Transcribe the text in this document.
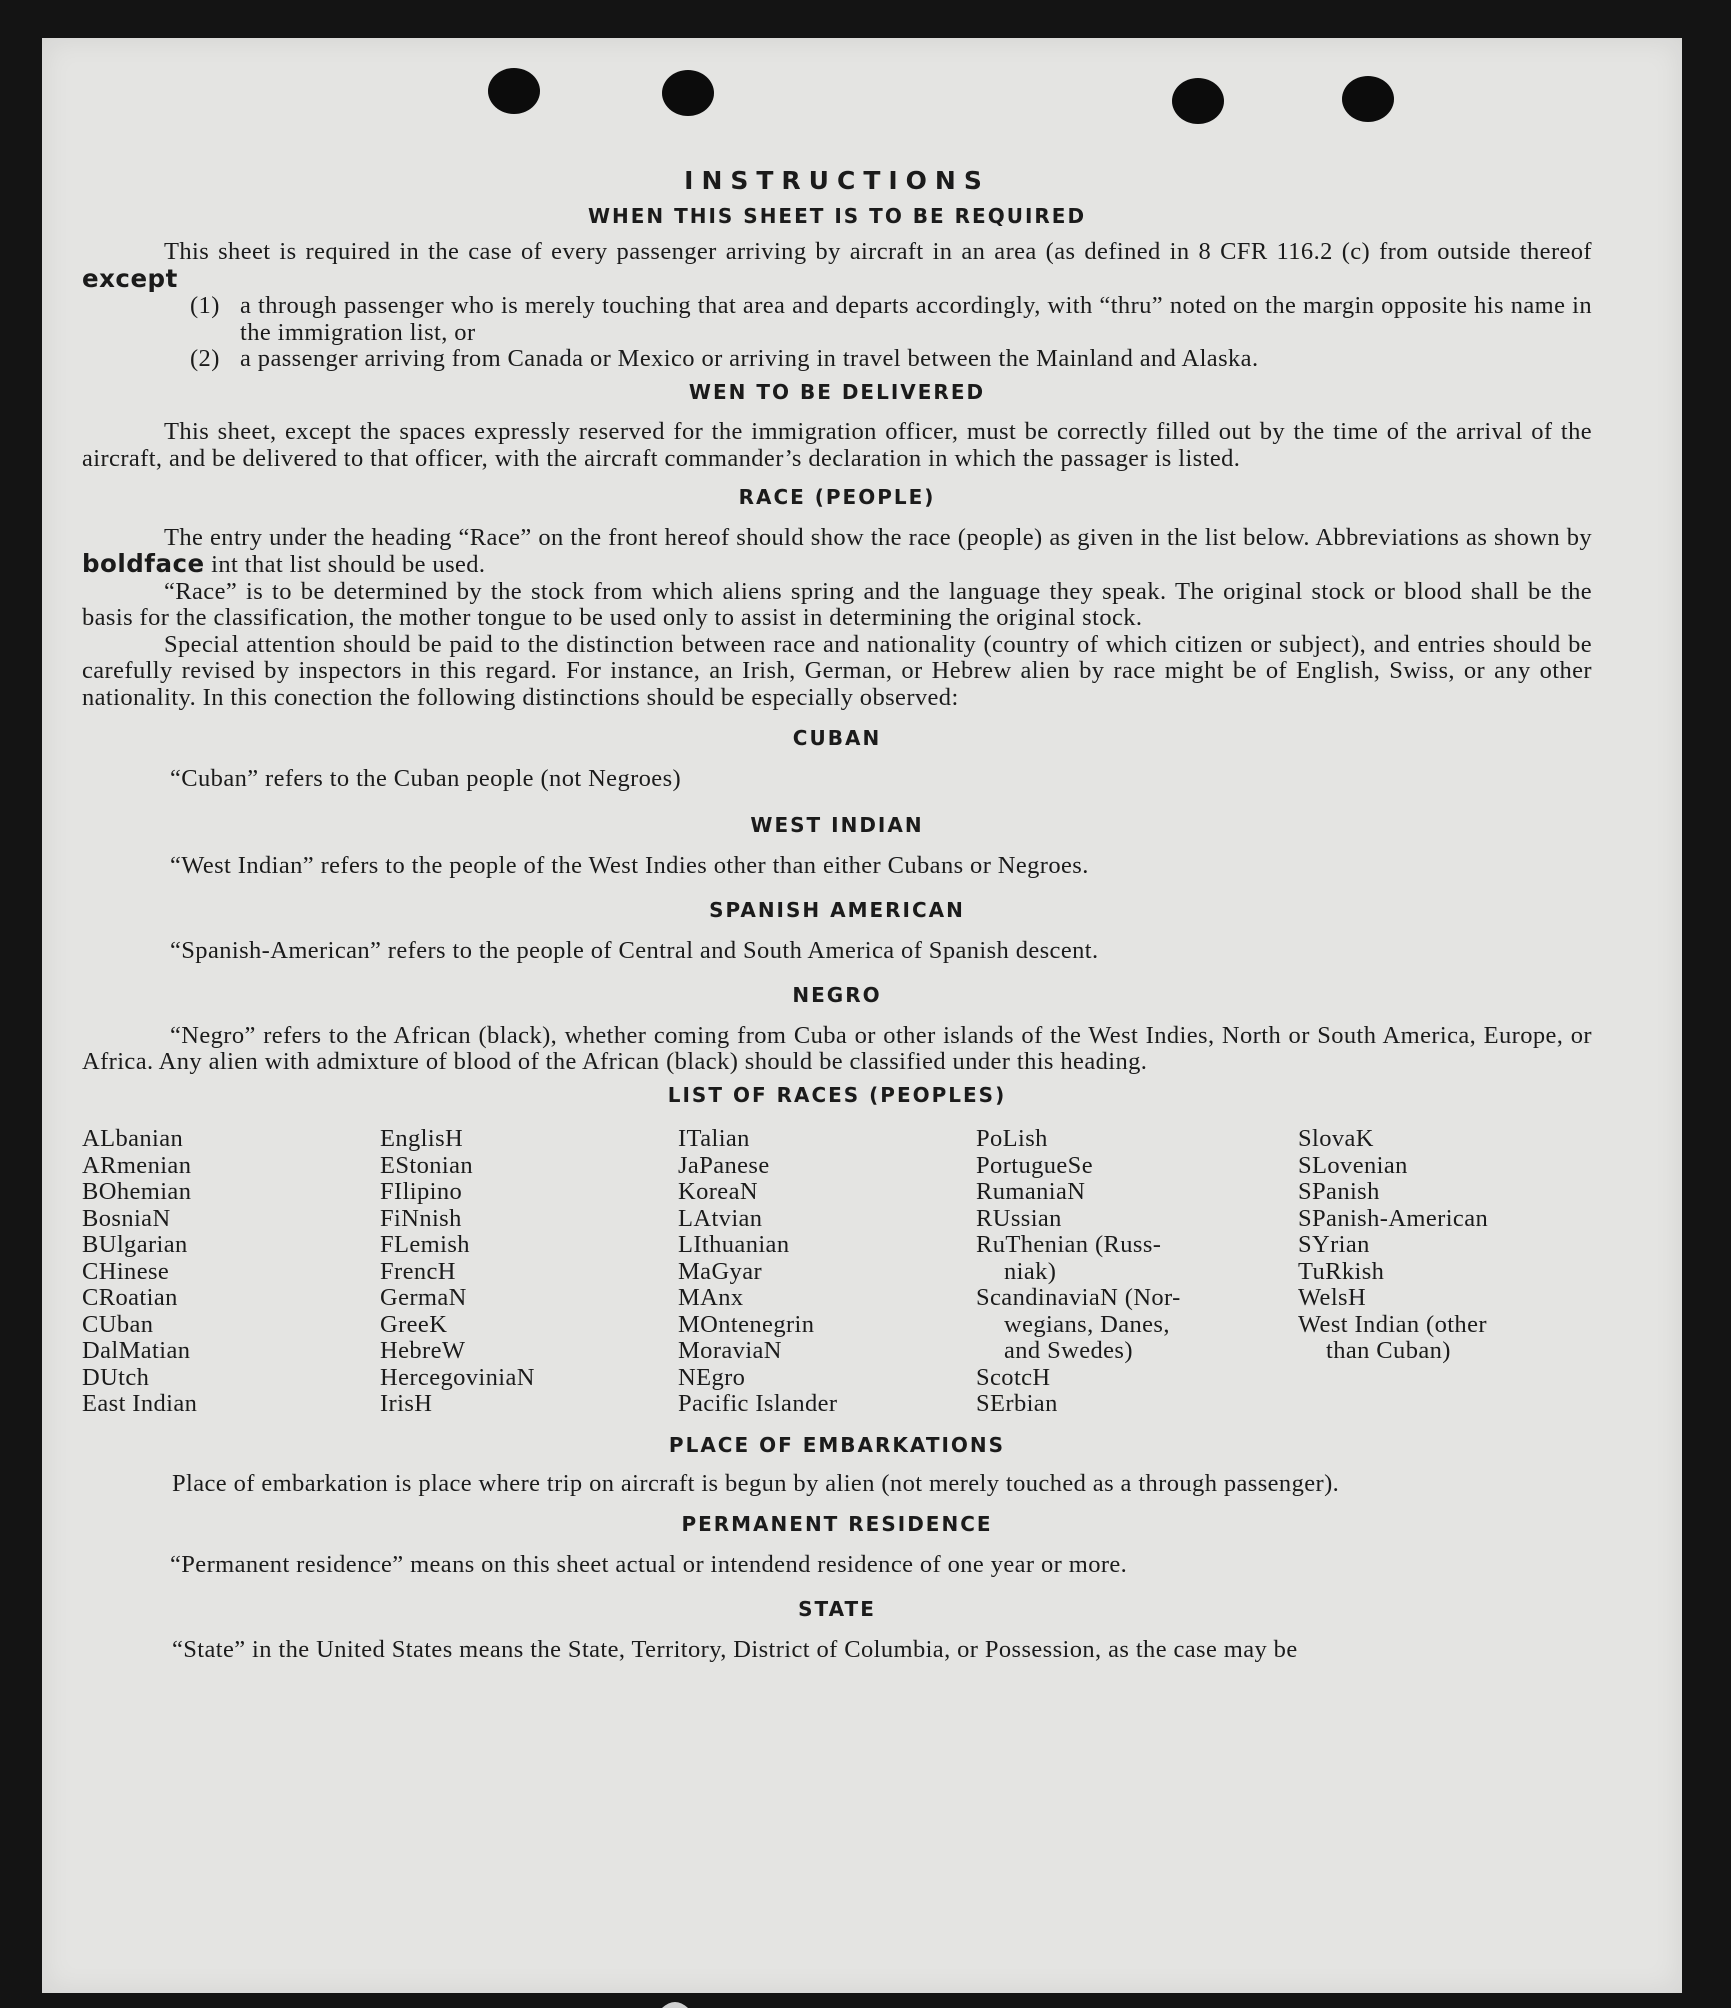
INSTRUCTIONS
WHEN THIS SHEET IS TO BE REQUIRED

This sheet is required in the case of every passenger arriving by aircraft in an area (as defined in 8 CFR 116.2 (c) from outside thereof except

(1) a through passenger who is merely touching that area and departs accordingly, with “thru” noted on the margin opposite his name in the immigration list, or
(2) a passenger arriving from Canada or Mexico or arriving in travel between the Mainland and Alaska.
WEN TO BE DELIVERED

This sheet, except the spaces expressly reserved for the immigration officer, must be correctly filled out by the time of the arrival of the aircraft, and be delivered to that officer, with the aircraft commander’s declaration in which the passager is listed.

RACE (PEOPLE)

The entry under the heading “Race” on the front hereof should show the race (people) as given in the list below. Abbreviations as shown by boldface int that list should be used.

“Race” is to be determined by the stock from which aliens spring and the language they speak. The original stock or blood shall be the basis for the classification, the mother tongue to be used only to assist in determining the original stock.

Special attention should be paid to the distinction between race and nationality (country of which citizen or subject), and entries should be carefully revised by inspectors in this regard. For instance, an Irish, German, or Hebrew alien by race might be of English, Swiss, or any other nationality. In this conection the following distinctions should be especially observed:

CUBAN

“Cuban” refers to the Cuban people (not Negroes)

WEST INDIAN

“West Indian” refers to the people of the West Indies other than either Cubans or Negroes.

SPANISH AMERICAN

“Spanish-American” refers to the people of Central and South America of Spanish descent.

NEGRO

“Negro” refers to the African (black), whether coming from Cuba or other islands of the West Indies, North or South America, Europe, or Africa. Any alien with admixture of blood of the African (black) should be classified under this heading.

LIST OF RACES (PEOPLES)
ALbanian
ARmenian
BOhemian
BosniaN
BUlgarian
CHinese
CRoatian
CUban
DalMatian
DUtch
East Indian
EnglisH
EStonian
FIlipino
FiNnish
FLemish
FrencH
GermaN
GreeK
HebreW
HercegoviniaN
IrisH
ITalian
JaPanese
KoreaN
LAtvian
LIthuanian
MaGyar
MAnx
MOntenegrin
MoraviaN
NEgro
Pacific Islander
PoLish
PortugueSe
RumaniaN
RUssian
RuThenian (Russ-
niak)
ScandinaviaN (Nor-
wegians, Danes,
and Swedes)
ScotcH
SErbian
SlovaK
SLovenian
SPanish
SPanish-American
SYrian
TuRkish
WelsH
West Indian (other
than Cuban)
PLACE OF EMBARKATIONS

Place of embarkation is place where trip on aircraft is begun by alien (not merely touched as a through passenger).

PERMANENT RESIDENCE

“Permanent residence” means on this sheet actual or intendend residence of one year or more.

STATE

“State” in the United States means the State, Territory, District of Columbia, or Possession, as the case may be
